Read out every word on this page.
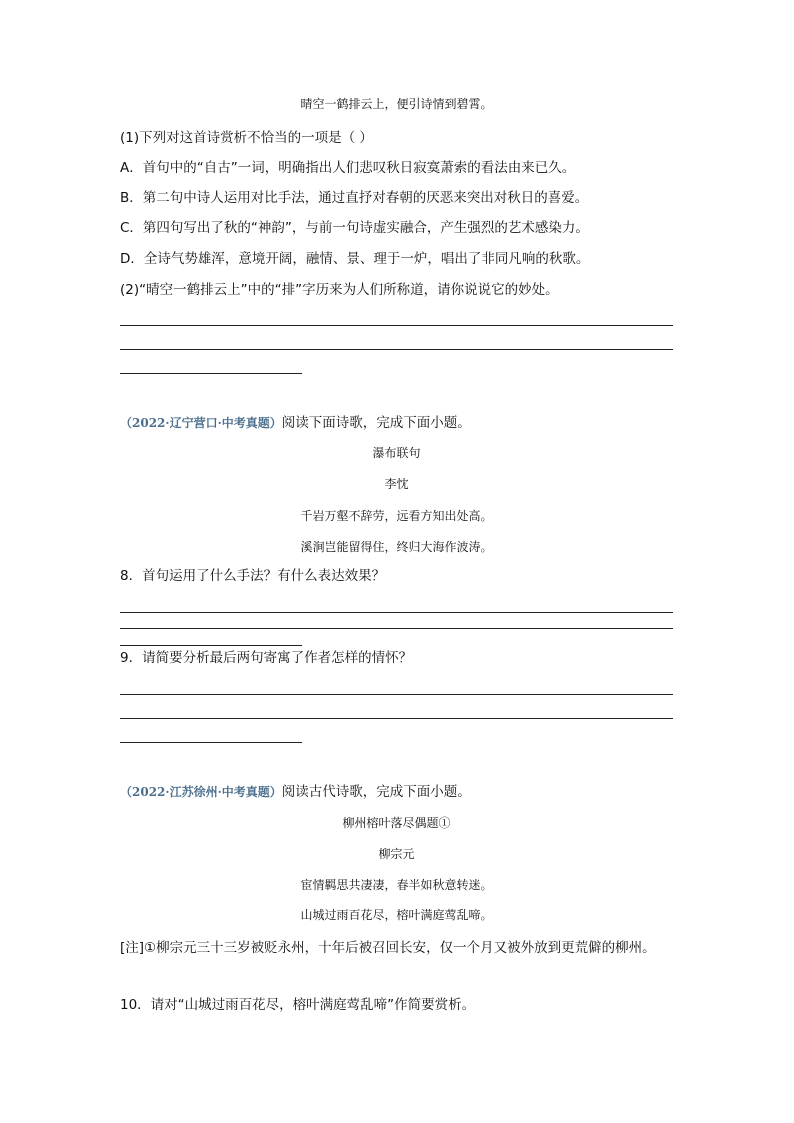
晴空一鹤排云上，便引诗情到碧霄。
(1)下列对这首诗赏析不恰当的一项是（ ）
A．首句中的“自古”一词，明确指出人们悲叹秋日寂寞萧索的看法由来已久。
B．第二句中诗人运用对比手法，通过直抒对春朝的厌恶来突出对秋日的喜爱。
C．第四句写出了秋的“神韵”，与前一句诗虚实融合，产生强烈的艺术感染力。
D．全诗气势雄浑，意境开阔，融情、景、理于一炉，唱出了非同凡响的秋歌。
(2)“晴空一鹤排云上”中的“排”字历来为人们所称道，请你说说它的妙处。
（2022·辽宁营口·中考真题）阅读下面诗歌，完成下面小题。
瀑布联句
李忱
千岩万壑不辞劳，远看方知出处高。
溪涧岂能留得住，终归大海作波涛。
8．首句运用了什么手法？有什么表达效果？
9．请简要分析最后两句寄寓了作者怎样的情怀？
（2022·江苏徐州·中考真题）阅读古代诗歌，完成下面小题。
柳州榕叶落尽偶题①
柳宗元
宦情羁思共凄凄，春半如秋意转迷。
山城过雨百花尽，榕叶满庭莺乱啼。
[注]①柳宗元三十三岁被贬永州，十年后被召回长安，仅一个月又被外放到更荒僻的柳州。
10．请对“山城过雨百花尽，榕叶满庭莺乱啼”作简要赏析。
